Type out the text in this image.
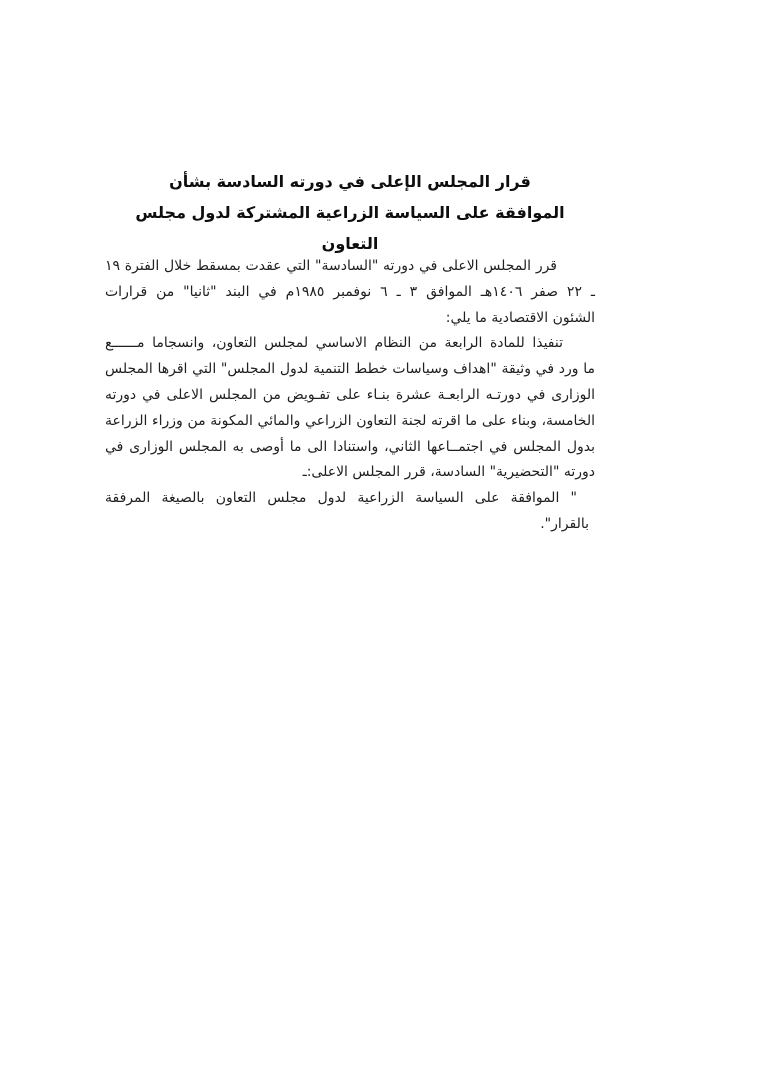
قرار المجلس الإعلى في دورته السادسة بشأن
الموافقة على السياسة الزراعية المشتركة لدول مجلس التعاون
قرر المجلس الاعلى في دورته "السادسة" التي عقدت بمسقط خلال الفترة ١٩
ـ ٢٢ صفر ١٤٠٦هـ الموافق ٣ ـ ٦ نوفمبر ١٩٨٥م في البند "ثانيا" من قرارات
الشئون الاقتصادية ما يلي:
تنفيذا للمادة الرابعة من النظام الاساسي لمجلس التعاون، وانسجاما مــــــع
ما ورد في وثيقة "اهداف وسياسات خطط التنمية لدول المجلس" التي اقرها المجلس
الوزارى في دورتـه الرابعـة عشرة بنـاء على تفـويض من المجلس الاعلى في دورته
الخامسة، وبناء على ما اقرته لجنة التعاون الزراعي والمائي المكونة من وزراء الزراعة
بدول المجلس في اجتمــاعها الثاني، واستنادا الى ما أوصى به المجلس الوزارى في
دورته "التحضيرية" السادسة، قرر المجلس الاعلى:ـ
" الموافقة على السياسة الزراعية لدول مجلس التعاون بالصيغة المرفقة
بالقرار".
